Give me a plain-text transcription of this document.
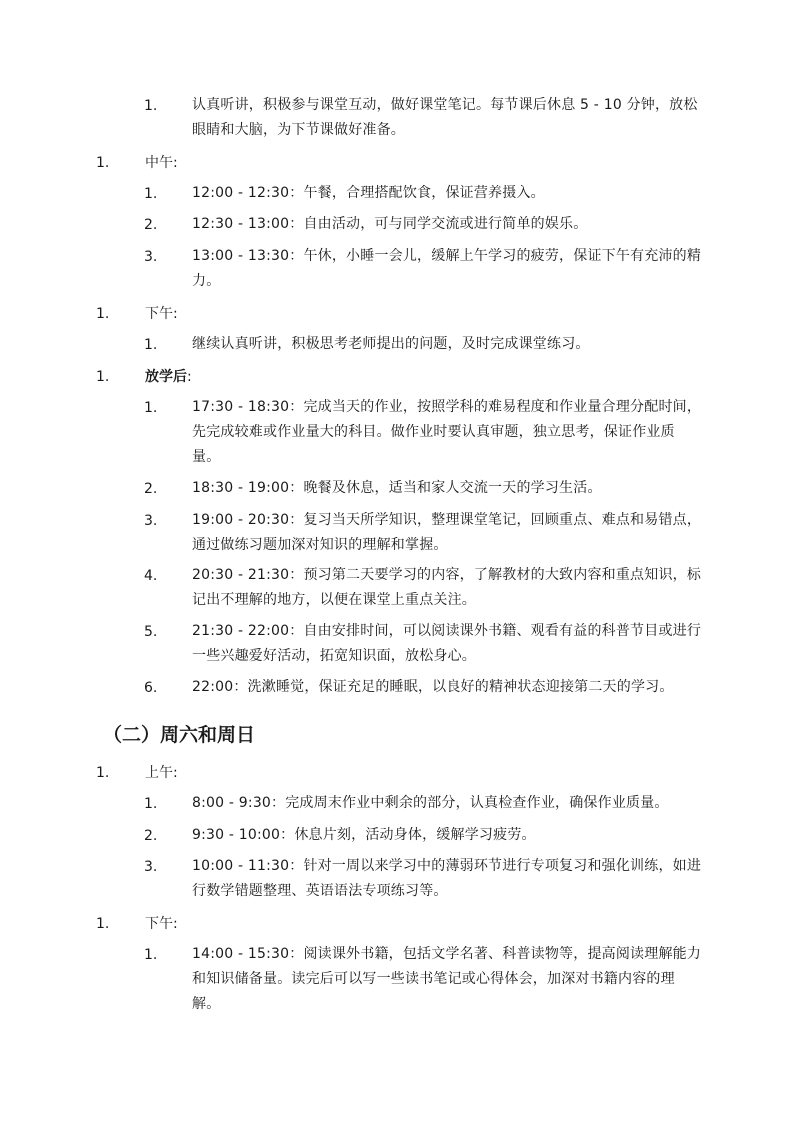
1. 认真听讲，积极参与课堂互动，做好课堂笔记。每节课后休息 5 - 10 分钟，放松眼睛和大脑，为下节课做好准备。
1.	中午:
1. 12:00 - 12:30：午餐，合理搭配饮食，保证营养摄入。
2. 12:30 - 13:00：自由活动，可与同学交流或进行简单的娱乐。
3. 13:00 - 13:30：午休，小睡一会儿，缓解上午学习的疲劳，保证下午有充沛的精力。
1.	下午:
1. 继续认真听讲，积极思考老师提出的问题，及时完成课堂练习。
1.	放学后:
1. 17:30 - 18:30：完成当天的作业，按照学科的难易程度和作业量合理分配时间，先完成较难或作业量大的科目。做作业时要认真审题，独立思考，保证作业质量。
2. 18:30 - 19:00：晚餐及休息，适当和家人交流一天的学习生活。
3. 19:00 - 20:30：复习当天所学知识，整理课堂笔记，回顾重点、难点和易错点，通过做练习题加深对知识的理解和掌握。
4. 20:30 - 21:30：预习第二天要学习的内容，了解教材的大致内容和重点知识，标记出不理解的地方，以便在课堂上重点关注。
5. 21:30 - 22:00：自由安排时间，可以阅读课外书籍、观看有益的科普节目或进行一些兴趣爱好活动，拓宽知识面，放松身心。
6. 22:00：洗漱睡觉，保证充足的睡眠，以良好的精神状态迎接第二天的学习。
（二）周六和周日
1.	上午:
1. 8:00 - 9:30：完成周末作业中剩余的部分，认真检查作业，确保作业质量。
2. 9:30 - 10:00：休息片刻，活动身体，缓解学习疲劳。
3. 10:00 - 11:30：针对一周以来学习中的薄弱环节进行专项复习和强化训练，如进行数学错题整理、英语语法专项练习等。
1.	下午:
1. 14:00 - 15:30：阅读课外书籍，包括文学名著、科普读物等，提高阅读理解能力和知识储备量。读完后可以写一些读书笔记或心得体会，加深对书籍内容的理解。
